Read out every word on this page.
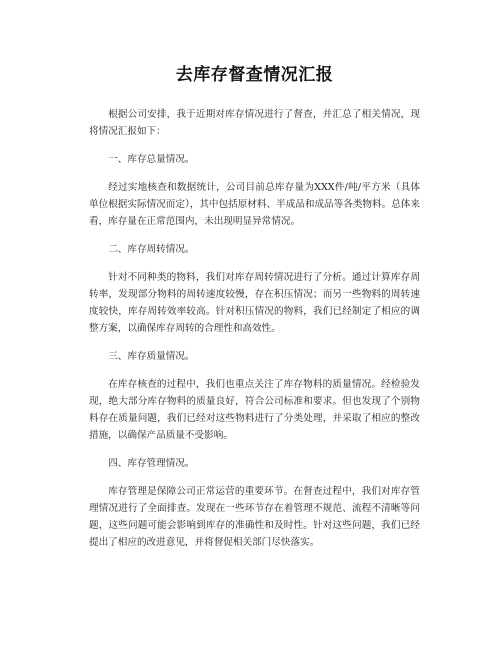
去库存督查情况汇报

根据公司安排，我于近期对库存情况进行了督查，并汇总了相关情况，现将情况汇报如下：

一、库存总量情况。

经过实地核查和数据统计，公司目前总库存量为XXX件/吨/平方米（具体单位根据实际情况而定），其中包括原材料、半成品和成品等各类物料。总体来看，库存量在正常范围内，未出现明显异常情况。

二、库存周转情况。

针对不同种类的物料，我们对库存周转情况进行了分析。通过计算库存周转率，发现部分物料的周转速度较慢，存在积压情况；而另一些物料的周转速度较快，库存周转效率较高。针对积压情况的物料，我们已经制定了相应的调整方案，以确保库存周转的合理性和高效性。

三、库存质量情况。

在库存核查的过程中，我们也重点关注了库存物料的质量情况。经检验发现，绝大部分库存物料的质量良好，符合公司标准和要求。但也发现了个别物料存在质量问题，我们已经对这些物料进行了分类处理，并采取了相应的整改措施，以确保产品质量不受影响。

四、库存管理情况。

库存管理是保障公司正常运营的重要环节。在督查过程中，我们对库存管理情况进行了全面排查。发现在一些环节存在着管理不规范、流程不清晰等问题，这些问题可能会影响到库存的准确性和及时性。针对这些问题，我们已经提出了相应的改进意见，并将督促相关部门尽快落实。
